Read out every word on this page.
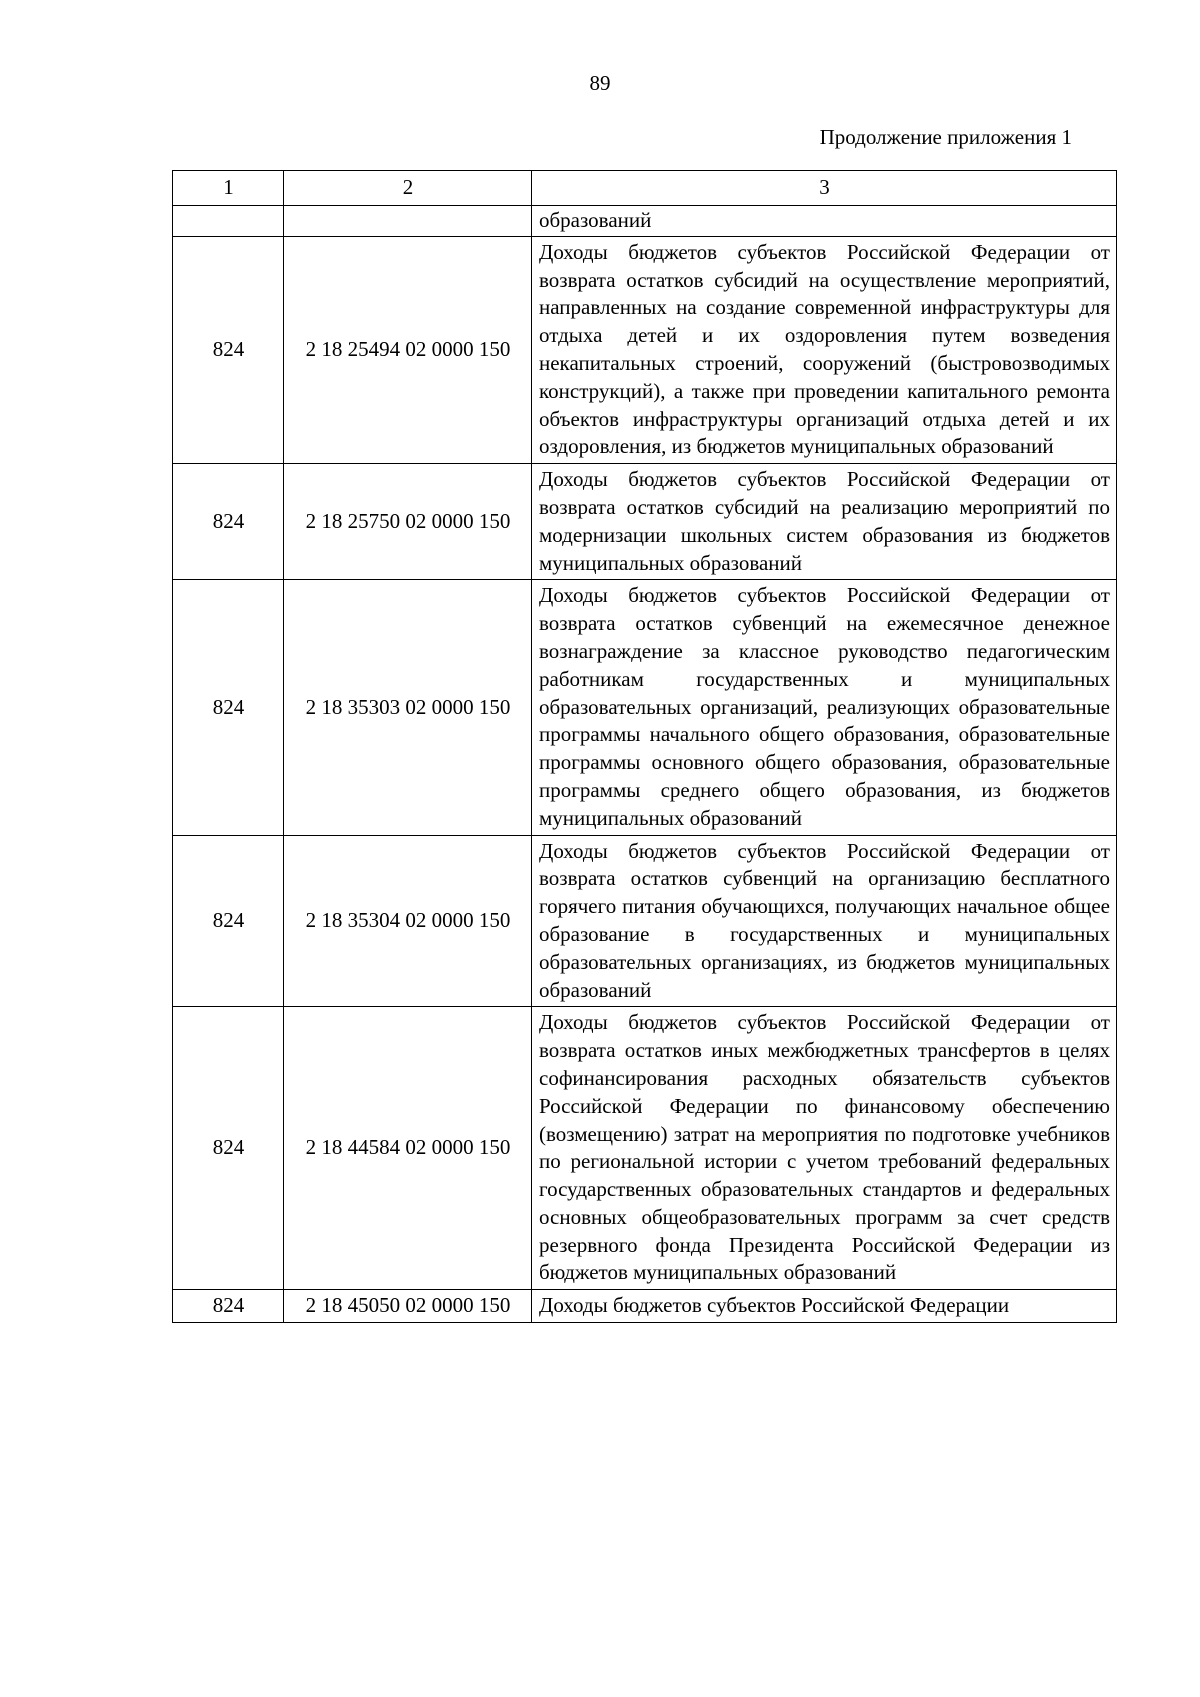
89
Продолжение приложения 1
1	2	3
		образований
824	2 18 25494 02 0000 150	Доходы бюджетов субъектов Российской Федерации от возврата остатков субсидий на осуществление мероприятий, направленных на создание современной инфраструктуры для отдыха детей и их оздоровления путем возведения некапитальных строений, сооружений (быстровозводимых конструкций), а также при проведении капитального ремонта объектов инфраструктуры организаций отдыха детей и их оздоровления, из бюджетов муниципальных образований
824	2 18 25750 02 0000 150	Доходы бюджетов субъектов Российской Федерации от возврата остатков субсидий на реализацию мероприятий по модернизации школьных систем образования из бюджетов муниципальных образований
824	2 18 35303 02 0000 150	Доходы бюджетов субъектов Российской Федерации от возврата остатков субвенций на ежемесячное денежное вознаграждение за классное руководство педагогическим работникам государственных и муниципальных образовательных организаций, реализующих образовательные программы начального общего образования, образовательные программы основного общего образования, образовательные программы среднего общего образования, из бюджетов муниципальных образований
824	2 18 35304 02 0000 150	Доходы бюджетов субъектов Российской Федерации от возврата остатков субвенций на организацию бесплатного горячего питания обучающихся, получающих начальное общее образование в государственных и муниципальных образовательных организациях, из бюджетов муниципальных образований
824	2 18 44584 02 0000 150	Доходы бюджетов субъектов Российской Федерации от возврата остатков иных межбюджетных трансфертов в целях софинансирования расходных обязательств субъектов Российской Федерации по финансовому обеспечению (возмещению) затрат на мероприятия по подготовке учебников по региональной истории с учетом требований федеральных государственных образовательных стандартов и федеральных основных общеобразовательных программ за счет средств резервного фонда Президента Российской Федерации из бюджетов муниципальных образований
824	2 18 45050 02 0000 150	Доходы бюджетов субъектов Российской Федерации
